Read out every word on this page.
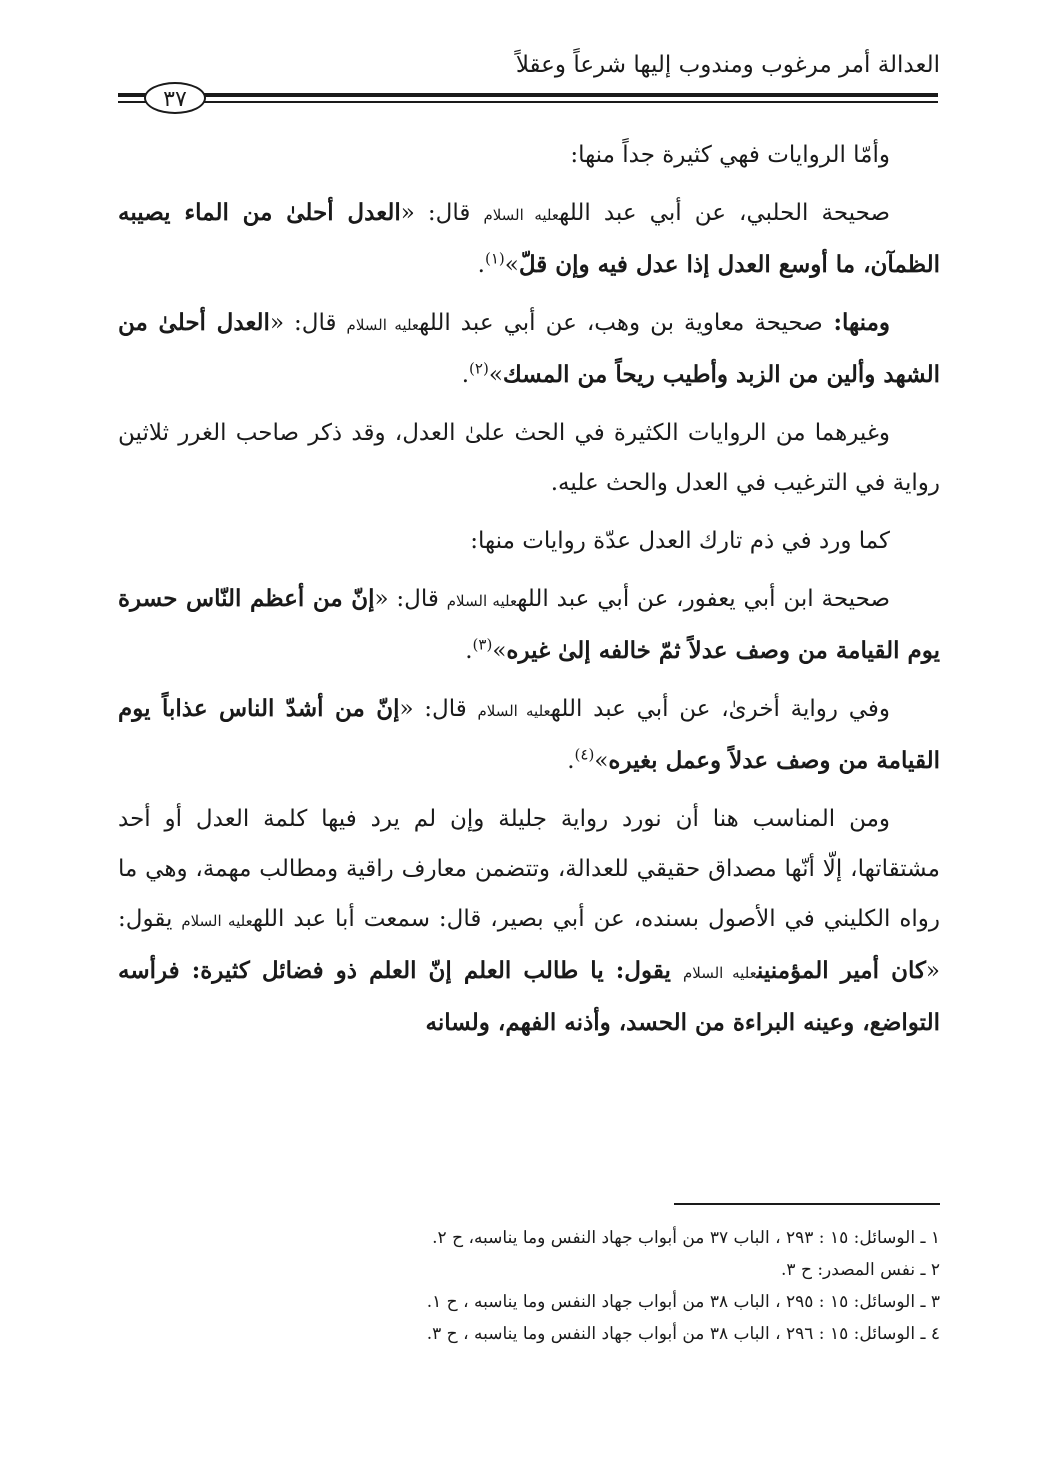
العدالة أمر مرغوب ومندوب إليها شرعاً وعقلاً
٣٧

وأمّا الروايات فهي كثيرة جداً منها:

صحيحة الحلبي، عن أبي عبد اللهعليه السلام قال: «العدل أحلىٰ من الماء يصيبه الظمآن، ما أوسع العدل إذا عدل فيه وإن قلّ»$^{(١)}$.

ومنها: صحيحة معاوية بن وهب، عن أبي عبد اللهعليه السلام قال: «العدل أحلىٰ من الشهد وألين من الزبد وأطيب ريحاً من المسك»$^{(٢)}$.

وغيرهما من الروايات الكثيرة في الحث علىٰ العدل، وقد ذكر صاحب الغرر ثلاثين رواية في الترغيب في العدل والحث عليه.

كما ورد في ذم تارك العدل عدّة روايات منها:

صحيحة ابن أبي يعفور، عن أبي عبد اللهعليه السلام قال: «إنّ من أعظم النّاس حسرة يوم القيامة من وصف عدلاً ثمّ خالفه إلىٰ غيره»$^{(٣)}$.

وفي رواية أخرىٰ، عن أبي عبد اللهعليه السلام قال: «إنّ من أشدّ الناس عذاباً يوم القيامة من وصف عدلاً وعمل بغيره»$^{(٤)}$.

ومن المناسب هنا أن نورد رواية جليلة وإن لم يرد فيها كلمة العدل أو أحد مشتقاتها، إلّا أنّها مصداق حقيقي للعدالة، وتتضمن معارف راقية ومطالب مهمة، وهي ما رواه الكليني في الأصول بسنده، عن أبي بصير، قال: سمعت أبا عبد اللهعليه السلام يقول: «كان أمير المؤمنينعليه السلام يقول: يا طالب العلم إنّ العلم ذو فضائل كثيرة: فرأسه التواضع، وعينه البراءة من الحسد، وأذنه الفهم، ولسانه

١ ـ الوسائل: ١٥ : ٢٩٣ ، الباب ٣٧ من أبواب جهاد النفس وما يناسبه، ح ٢.
٢ ـ نفس المصدر: ح ٣.
٣ ـ الوسائل: ١٥ : ٢٩٥ ، الباب ٣٨ من أبواب جهاد النفس وما يناسبه ، ح ١.
٤ ـ الوسائل: ١٥ : ٢٩٦ ، الباب ٣٨ من أبواب جهاد النفس وما يناسبه ، ح ٣.
